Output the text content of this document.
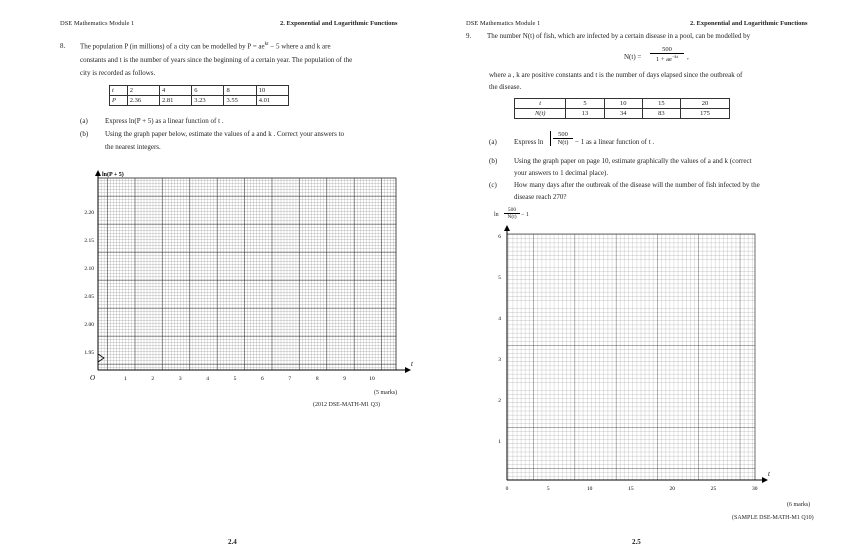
DSE Mathematics Module 1	2. Exponential and Logarithmic Functions
8. The population P (in millions) of a city can be modelled by $P = ae^{kt} - 5$ where a and k are
constants and t is the number of years since the beginning of a certain year. The population of the
city is recorded as follows.
t	2	4	6	8	10
P	2.36	2.81	3.23	3.55	4.01
(a) Express ln(P + 5) as a linear function of t .
(b) Using the graph paper below, estimate the values of a and k . Correct your answers to
the nearest integers.
2.20
2.15
2.10
2.05
2.00
1.95
1	2	3	4	5	6	7	8	9	10
O
t
ln(P + 5)
(5 marks)
(2012 DSE-MATH-M1 Q3)
2.4
DSE Mathematics Module 1	2. Exponential and Logarithmic Functions
9. The number N(t) of fish, which are infected by a certain disease in a pool, can be modelled by
$N(t) = \frac{500}{1 + ae^{-kt}}$ ,
where a , k are positive constants and t is the number of days elapsed since the outbreak of
the disease.
t	5	10	15	20
N(t)	13	34	83	175
(a) Express $\ln \frac{500}{N(t)} - 1$ as a linear function of t .
(b) Using the graph paper on page 10, estimate graphically the values of a and k (correct
your answers to 1 decimal place).
(c) How many days after the outbreak of the disease will the number of fish infected by the
disease reach 270?
$\ln \frac{500}{N(t)} - 1$
6
5
4
3
2
1
0	5	10	15	20	25	30
t
(6 marks)
(SAMPLE DSE-MATH-M1 Q10)
2.5
